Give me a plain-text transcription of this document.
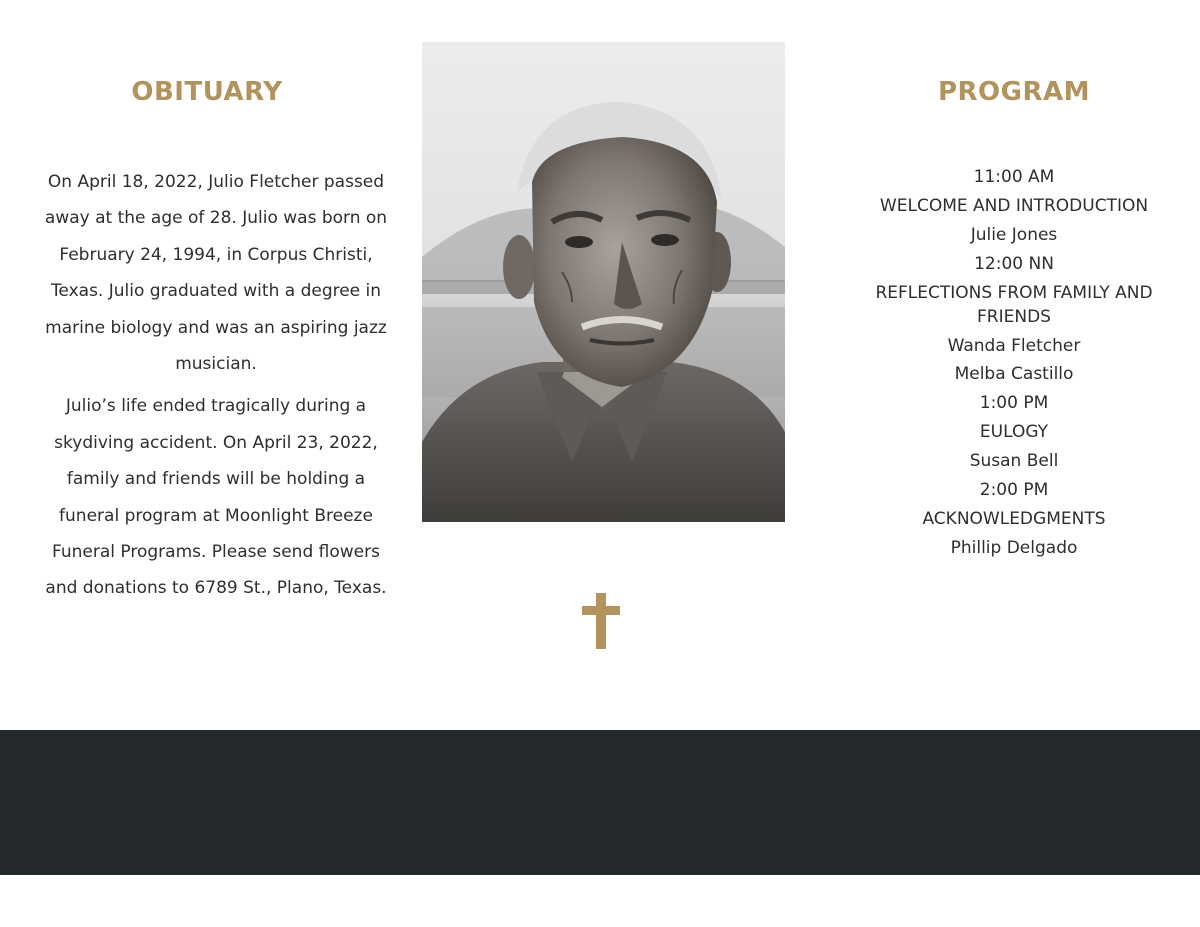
OBITUARY

On April 18, 2022, Julio Fletcher passed away at the age of 28. Julio was born on February 24, 1994, in Corpus Christi, Texas. Julio graduated with a degree in marine biology and was an aspiring jazz musician.

Julio’s life ended tragically during a skydiving accident. On April 23, 2022, family and friends will be holding a funeral program at Moonlight Breeze Funeral Programs. Please send flowers and donations to 6789 St., Plano, Texas.

PROGRAM
11:00 AM
WELCOME AND INTRODUCTION
Julie Jones
12:00 NN
REFLECTIONS FROM FAMILY AND FRIENDS
Wanda Fletcher
Melba Castillo
1:00 PM
EULOGY
Susan Bell
2:00 PM
ACKNOWLEDGMENTS
Phillip Delgado
